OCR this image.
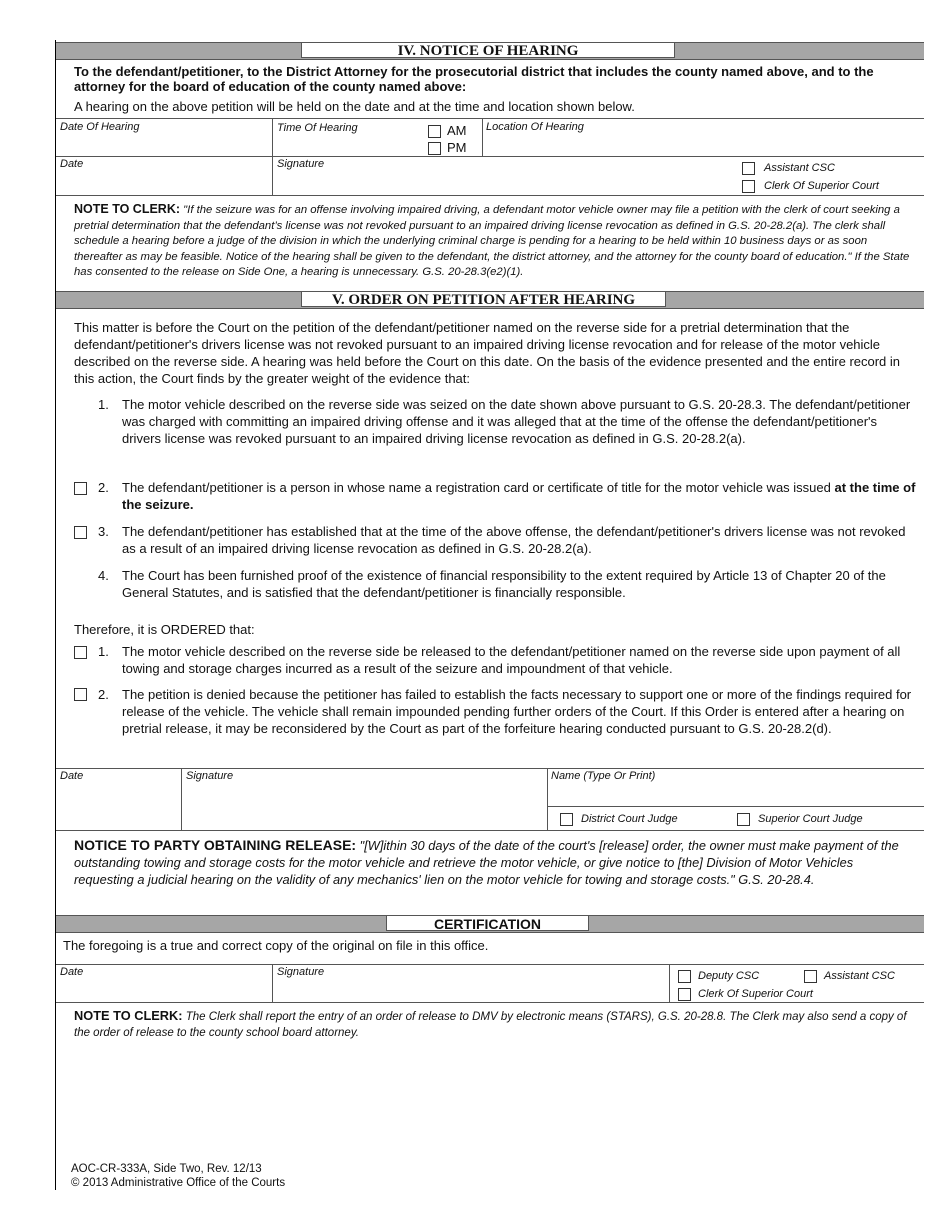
IV. NOTICE OF HEARING
To the defendant/petitioner, to the District Attorney for the prosecutorial district that includes the county named above, and to the attorney for the board of education of the county named above:
A hearing on the above petition will be held on the date and at the time and location shown below.
Date Of Hearing	Time Of Hearing	AM
PM
Location Of Hearing
Date	Signature	Assistant CSC
Clerk Of Superior Court
NOTE TO CLERK: "If the seizure was for an offense involving impaired driving, a defendant motor vehicle owner may file a petition with the clerk of court seeking a pretrial determination that the defendant’s license was not revoked pursuant to an impaired driving license revocation as defined in G.S. 20-28.2(a). The clerk shall schedule a hearing before a judge of the division in which the underlying criminal charge is pending for a hearing to be held within 10 business days or as soon thereafter as may be feasible. Notice of the hearing shall be given to the defendant, the district attorney, and the attorney for the county board of education." If the State has consented to the release on Side One, a hearing is unnecessary. G.S. 20-28.3(e2)(1).
V. ORDER ON PETITION AFTER HEARING
This matter is before the Court on the petition of the defendant/petitioner named on the reverse side for a pretrial determination that the defendant/petitioner's drivers license was not revoked pursuant to an impaired driving license revocation and for release of the motor vehicle described on the reverse side. A hearing was held before the Court on this date. On the basis of the evidence presented and the entire record in this action, the Court finds by the greater weight of the evidence that:
1. The motor vehicle described on the reverse side was seized on the date shown above pursuant to G.S. 20-28.3. The defendant/petitioner was charged with committing an impaired driving offense and it was alleged that at the time of the offense the defendant/petitioner's drivers license was revoked pursuant to an impaired driving license revocation as defined in G.S. 20-28.2(a).
2. The defendant/petitioner is a person in whose name a registration card or certificate of title for the motor vehicle was issued at the time of the seizure.
3. The defendant/petitioner has established that at the time of the above offense, the defendant/petitioner's drivers license was not revoked as a result of an impaired driving license revocation as defined in G.S. 20-28.2(a).
4. The Court has been furnished proof of the existence of financial responsibility to the extent required by Article 13 of Chapter 20 of the General Statutes, and is satisfied that the defendant/petitioner is financially responsible.
Therefore, it is ORDERED that:
1. The motor vehicle described on the reverse side be released to the defendant/petitioner named on the reverse side upon payment of all towing and storage charges incurred as a result of the seizure and impoundment of that vehicle.
2. The petition is denied because the petitioner has failed to establish the facts necessary to support one or more of the findings required for release of the vehicle. The vehicle shall remain impounded pending further orders of the Court. If this Order is entered after a hearing on pretrial release, it may be reconsidered by the Court as part of the forfeiture hearing conducted pursuant to G.S. 20-28.2(d).
Date	Signature	Name (Type Or Print)
District Court Judge	Superior Court Judge
NOTICE TO PARTY OBTAINING RELEASE: "[W]ithin 30 days of the date of the court's [release] order, the owner must make payment of the outstanding towing and storage costs for the motor vehicle and retrieve the motor vehicle, or give notice to [the] Division of Motor Vehicles requesting a judicial hearing on the validity of any mechanics' lien on the motor vehicle for towing and storage costs." G.S. 20-28.4.
CERTIFICATION
The foregoing is a true and correct copy of the original on file in this office.
Date	Signature	Deputy CSC	Assistant CSC
Clerk Of Superior Court
NOTE TO CLERK: The Clerk shall report the entry of an order of release to DMV by electronic means (STARS), G.S. 20-28.8. The Clerk may also send a copy of the order of release to the county school board attorney.
AOC-CR-333A, Side Two, Rev. 12/13
© 2013 Administrative Office of the Courts
